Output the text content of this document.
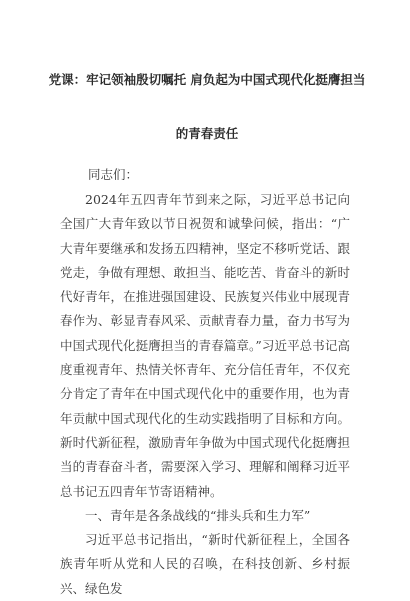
党课：牢记领袖殷切嘱托 肩负起为中国式现代化挺膺担当
的青春责任
同志们：

2024年五四青年节到来之际，习近平总书记向全国广大青年致以节日祝贺和诚挚问候，指出：“广大青年要继承和发扬五四精神，坚定不移听党话、跟党走，争做有理想、敢担当、能吃苦、肯奋斗的新时代好青年，在推进强国建设、民族复兴伟业中展现青春作为、彰显青春风采、贡献青春力量，奋力书写为中国式现代化挺膺担当的青春篇章。”习近平总书记高度重视青年、热情关怀青年、充分信任青年，不仅充分肯定了青年在中国式现代化中的重要作用，也为青年贡献中国式现代化的生动实践指明了目标和方向。新时代新征程，激励青年争做为中国式现代化挺膺担当的青春奋斗者，需要深入学习、理解和阐释习近平总书记五四青年节寄语精神。

一、青年是各条战线的“排头兵和生力军”

习近平总书记指出，“新时代新征程上，全国各族青年听从党和人民的召唤，在科技创新、乡村振兴、绿色发
